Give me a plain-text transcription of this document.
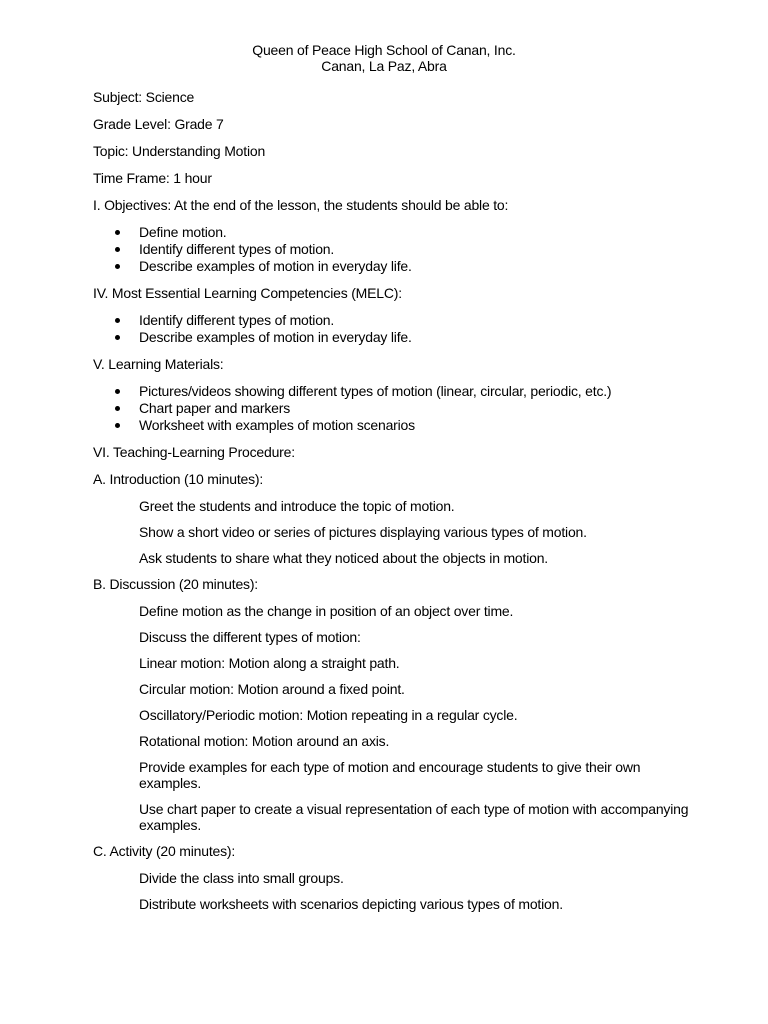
Queen of Peace High School of Canan, Inc.
Canan, La Paz, Abra
Subject: Science
Grade Level: Grade 7
Topic: Understanding Motion
Time Frame: 1 hour
I. Objectives: At the end of the lesson, the students should be able to:
Define motion.
Identify different types of motion.
Describe examples of motion in everyday life.
IV. Most Essential Learning Competencies (MELC):
Identify different types of motion.
Describe examples of motion in everyday life.
V. Learning Materials:
Pictures/videos showing different types of motion (linear, circular, periodic, etc.)
Chart paper and markers
Worksheet with examples of motion scenarios
VI. Teaching-Learning Procedure:
A. Introduction (10 minutes):
Greet the students and introduce the topic of motion.
Show a short video or series of pictures displaying various types of motion.
Ask students to share what they noticed about the objects in motion.
B. Discussion (20 minutes):
Define motion as the change in position of an object over time.
Discuss the different types of motion:
Linear motion: Motion along a straight path.
Circular motion: Motion around a fixed point.
Oscillatory/Periodic motion: Motion repeating in a regular cycle.
Rotational motion: Motion around an axis.
Provide examples for each type of motion and encourage students to give their own examples.
Use chart paper to create a visual representation of each type of motion with accompanying examples.
C. Activity (20 minutes):
Divide the class into small groups.
Distribute worksheets with scenarios depicting various types of motion.
